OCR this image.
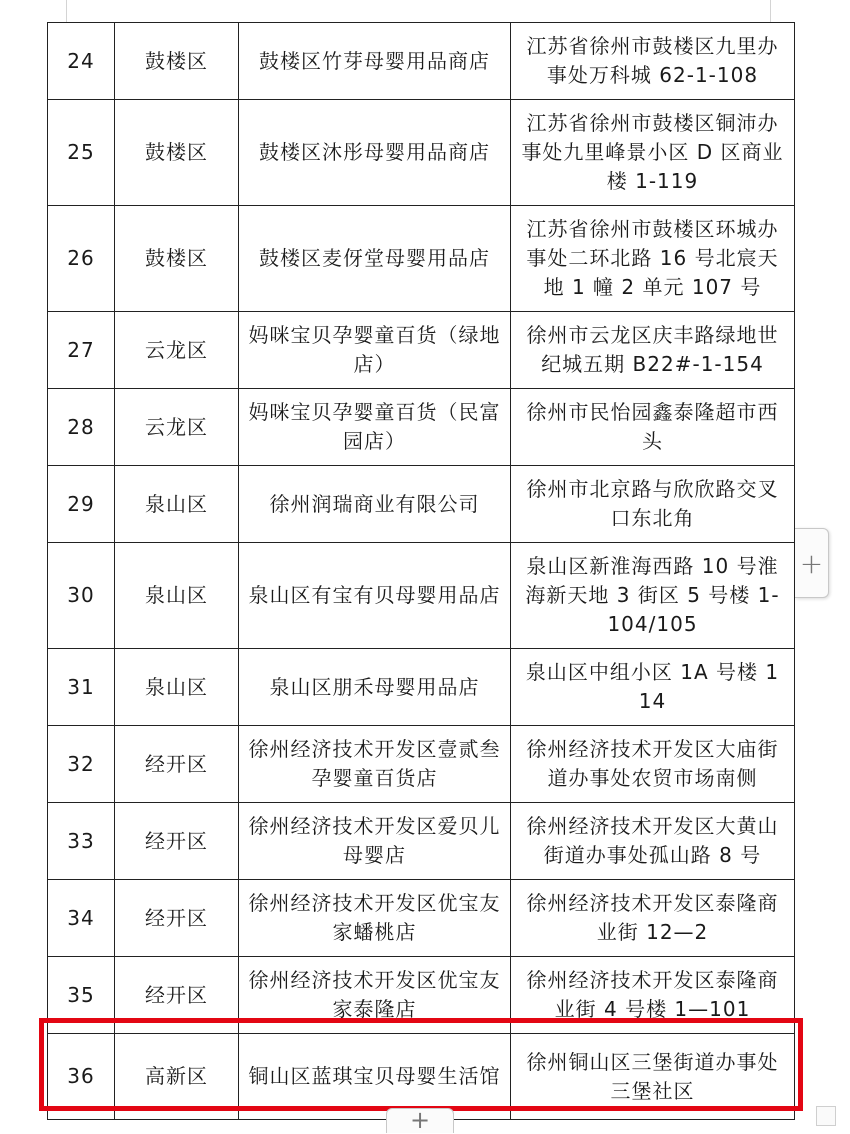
24	鼓楼区	鼓楼区竹芽母婴用品商店	江苏省徐州市鼓楼区九里办事处万科城 62-1-108
25	鼓楼区	鼓楼区沐彤母婴用品商店	江苏省徐州市鼓楼区铜沛办事处九里峰景小区 D 区商业楼 1-119
26	鼓楼区	鼓楼区麦伢堂母婴用品店	江苏省徐州市鼓楼区环城办事处二环北路 16 号北宸天地 1 幢 2 单元 107 号
27	云龙区	妈咪宝贝孕婴童百货（绿地店）	徐州市云龙区庆丰路绿地世纪城五期 B22#-1-154
28	云龙区	妈咪宝贝孕婴童百货（民富园店）	徐州市民怡园鑫泰隆超市西头
29	泉山区	徐州润瑞商业有限公司	徐州市北京路与欣欣路交叉口东北角
30	泉山区	泉山区有宝有贝母婴用品店	泉山区新淮海西路 10 号淮海新天地 3 街区 5 号楼 1-104/105
31	泉山区	泉山区朋禾母婴用品店	泉山区中组小区 1A 号楼 114
32	经开区	徐州经济技术开发区壹贰叁孕婴童百货店	徐州经济技术开发区大庙街道办事处农贸市场南侧
33	经开区	徐州经济技术开发区爱贝儿母婴店	徐州经济技术开发区大黄山街道办事处孤山路 8 号
34	经开区	徐州经济技术开发区优宝友家蟠桃店	徐州经济技术开发区泰隆商业街 12—2
35	经开区	徐州经济技术开发区优宝友家泰隆店	徐州经济技术开发区泰隆商业街 4 号楼 1—101
36	高新区	铜山区蓝琪宝贝母婴生活馆	徐州铜山区三堡街道办事处三堡社区
+
+
